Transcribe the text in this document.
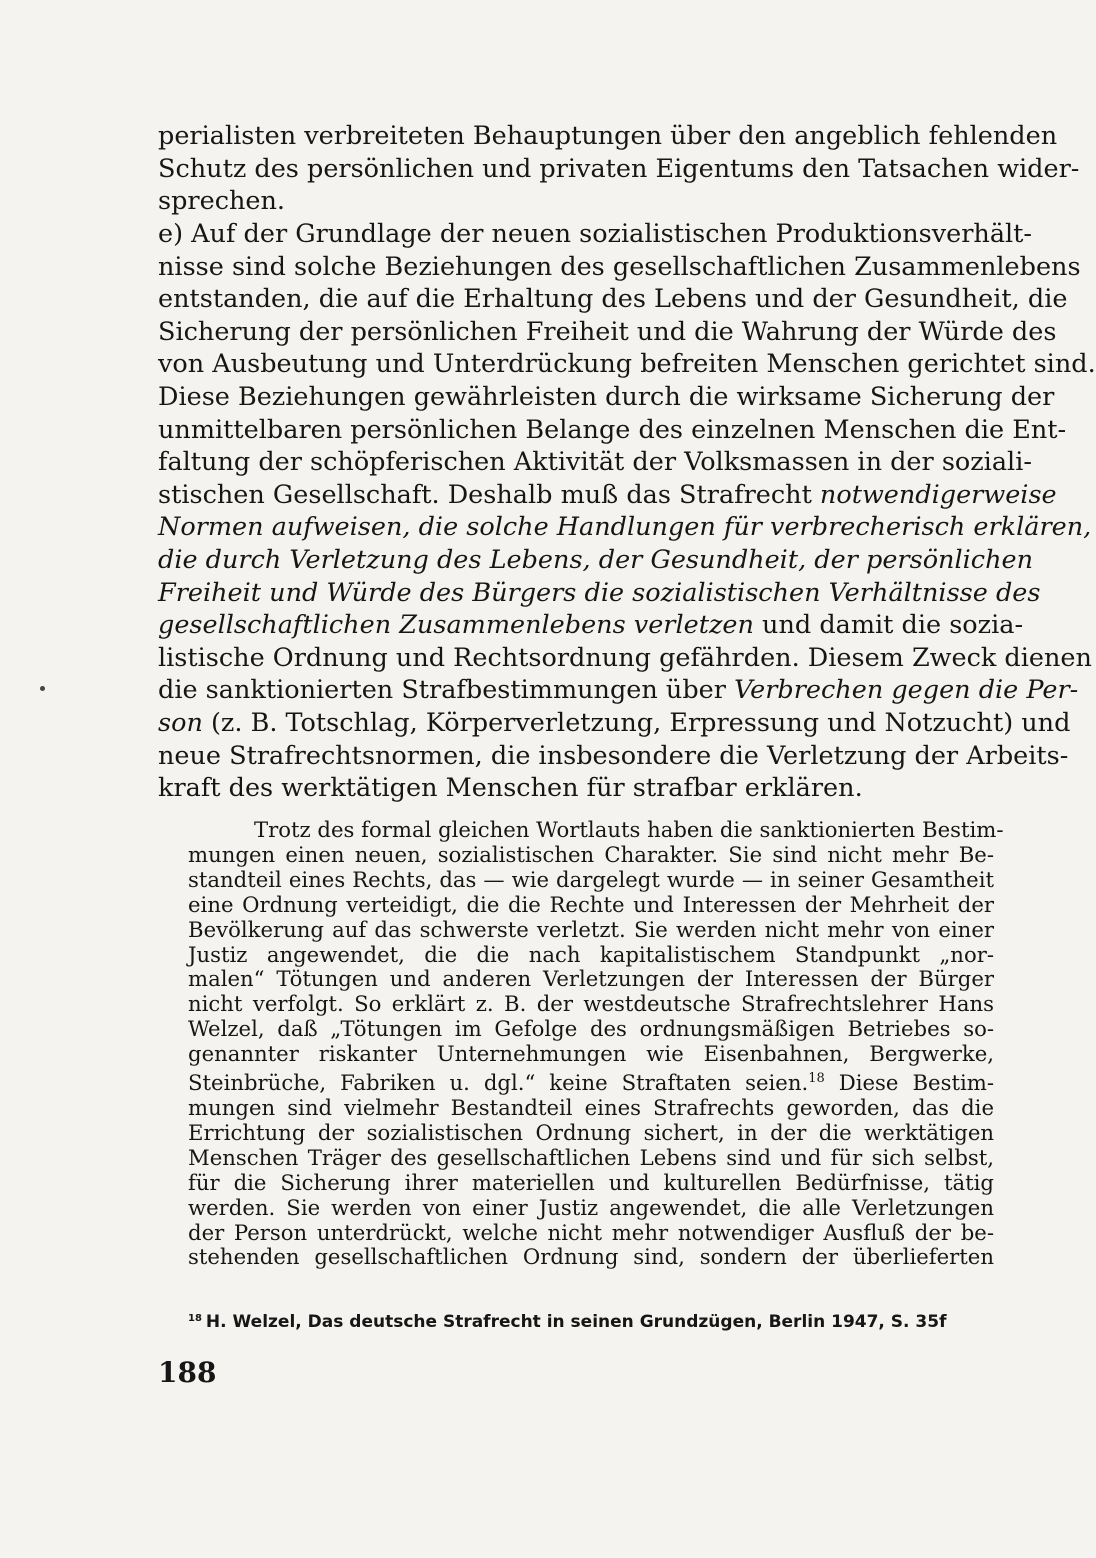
perialisten verbreiteten Behauptungen über den angeblich fehlenden
Schutz des persönlichen und privaten Eigentums den Tatsachen wider-
sprechen.
e) Auf der Grundlage der neuen sozialistischen Produktionsverhält-
nisse sind solche Beziehungen des gesellschaftlichen Zusammenlebens
entstanden, die auf die Erhaltung des Lebens und der Gesundheit, die
Sicherung der persönlichen Freiheit und die Wahrung der Würde des
von Ausbeutung und Unterdrückung befreiten Menschen gerichtet sind.
Diese Beziehungen gewährleisten durch die wirksame Sicherung der
unmittelbaren persönlichen Belange des einzelnen Menschen die Ent-
faltung der schöpferischen Aktivität der Volksmassen in der soziali-
stischen Gesellschaft. Deshalb muß das Strafrecht notwendigerweise
Normen aufweisen, die solche Handlungen für verbrecherisch erklären,
die durch Verletzung des Lebens, der Gesundheit, der persönlichen
Freiheit und Würde des Bürgers die sozialistischen Verhältnisse des
gesellschaftlichen Zusammenlebens verletzen und damit die sozia-
listische Ordnung und Rechtsordnung gefährden. Diesem Zweck dienen
die sanktionierten Strafbestimmungen über Verbrechen gegen die Per-
son (z. B. Totschlag, Körperverletzung, Erpressung und Notzucht) und
neue Strafrechtsnormen, die insbesondere die Verletzung der Arbeits-
kraft des werktätigen Menschen für strafbar erklären.
Trotz des formal gleichen Wortlauts haben die sanktionierten Bestim-
mungen einen neuen, sozialistischen Charakter. Sie sind nicht mehr Be-
standteil eines Rechts, das — wie dargelegt wurde — in seiner Gesamtheit
eine Ordnung verteidigt, die die Rechte und Interessen der Mehrheit der
Bevölkerung auf das schwerste verletzt. Sie werden nicht mehr von einer
Justiz angewendet, die die nach kapitalistischem Standpunkt „nor-
malen“ Tötungen und anderen Verletzungen der Interessen der Bürger
nicht verfolgt. So erklärt z. B. der westdeutsche Strafrechtslehrer Hans
Welzel, daß „Tötungen im Gefolge des ordnungsmäßigen Betriebes so-
genannter riskanter Unternehmungen wie Eisenbahnen, Bergwerke,
Steinbrüche, Fabriken u. dgl.“ keine Straftaten seien.$^{18}$ Diese Bestim-
mungen sind vielmehr Bestandteil eines Strafrechts geworden, das die
Errichtung der sozialistischen Ordnung sichert, in der die werktätigen
Menschen Träger des gesellschaftlichen Lebens sind und für sich selbst,
für die Sicherung ihrer materiellen und kulturellen Bedürfnisse, tätig
werden. Sie werden von einer Justiz angewendet, die alle Verletzungen
der Person unterdrückt, welche nicht mehr notwendiger Ausfluß der be-
stehenden gesellschaftlichen Ordnung sind, sondern der überlieferten
$^{18}$ H. Welzel, Das deutsche Strafrecht in seinen Grundzügen, Berlin 1947, S. 35f
188
